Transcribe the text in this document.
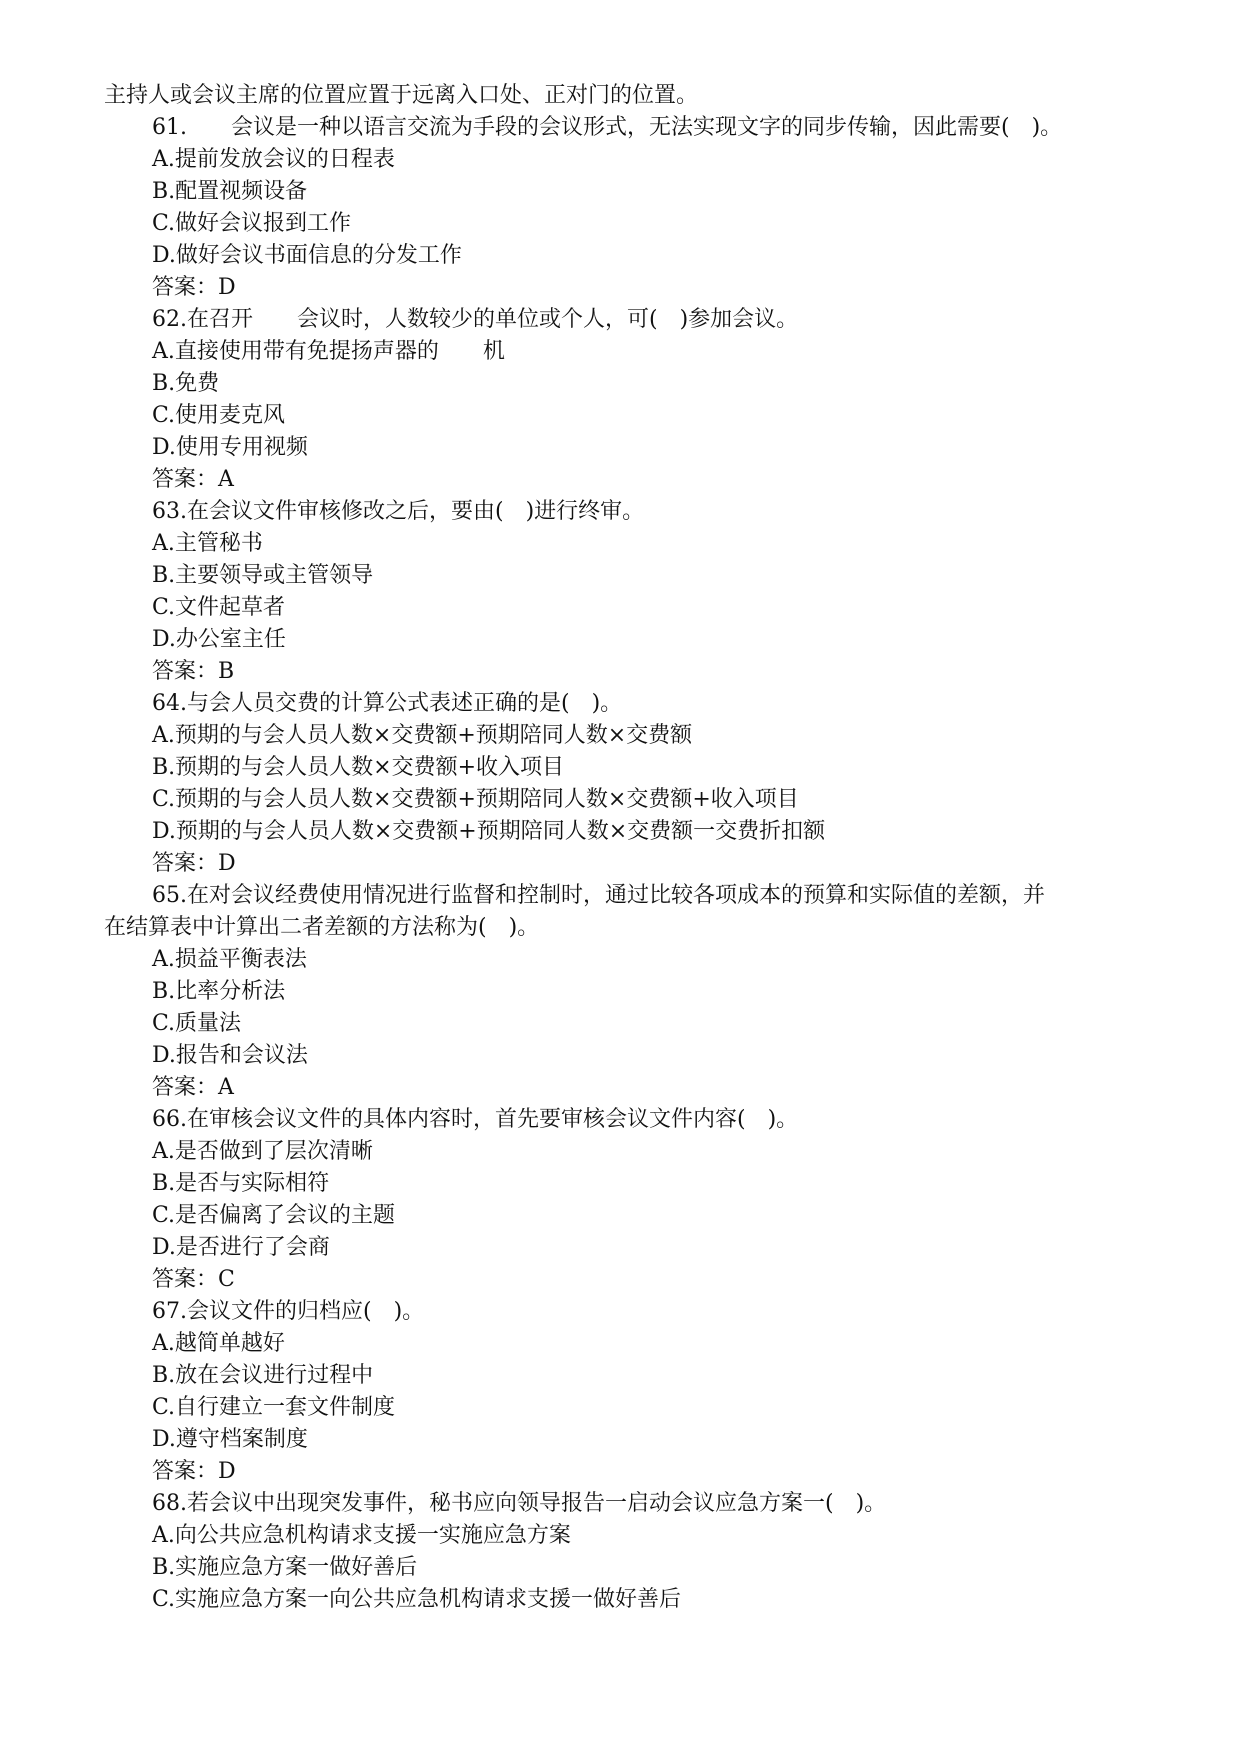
主持人或会议主席的位置应置于远离入口处、正对门的位置。
61.　　会议是一种以语言交流为手段的会议形式，无法实现文字的同步传输，因此需要(　)。
A.提前发放会议的日程表
B.配置视频设备
C.做好会议报到工作
D.做好会议书面信息的分发工作
答案：D
62.在召开　　会议时，人数较少的单位或个人，可(　)参加会议。
A.直接使用带有免提扬声器的　　机
B.免费
C.使用麦克风
D.使用专用视频
答案：A
63.在会议文件审核修改之后，要由(　)进行终审。
A.主管秘书
B.主要领导或主管领导
C.文件起草者
D.办公室主任
答案：B
64.与会人员交费的计算公式表述正确的是(　)。
A.预期的与会人员人数×交费额+预期陪同人数×交费额
B.预期的与会人员人数×交费额+收入项目
C.预期的与会人员人数×交费额+预期陪同人数×交费额+收入项目
D.预期的与会人员人数×交费额+预期陪同人数×交费额一交费折扣额
答案：D
65.在对会议经费使用情况进行监督和控制时，通过比较各项成本的预算和实际值的差额，并
在结算表中计算出二者差额的方法称为(　)。
A.损益平衡表法
B.比率分析法
C.质量法
D.报告和会议法
答案：A
66.在审核会议文件的具体内容时，首先要审核会议文件内容(　)。
A.是否做到了层次清晰
B.是否与实际相符
C.是否偏离了会议的主题
D.是否进行了会商
答案：C
67.会议文件的归档应(　)。
A.越简单越好
B.放在会议进行过程中
C.自行建立一套文件制度
D.遵守档案制度
答案：D
68.若会议中出现突发事件，秘书应向领导报告一启动会议应急方案一(　)。
A.向公共应急机构请求支援一实施应急方案
B.实施应急方案一做好善后
C.实施应急方案一向公共应急机构请求支援一做好善后
